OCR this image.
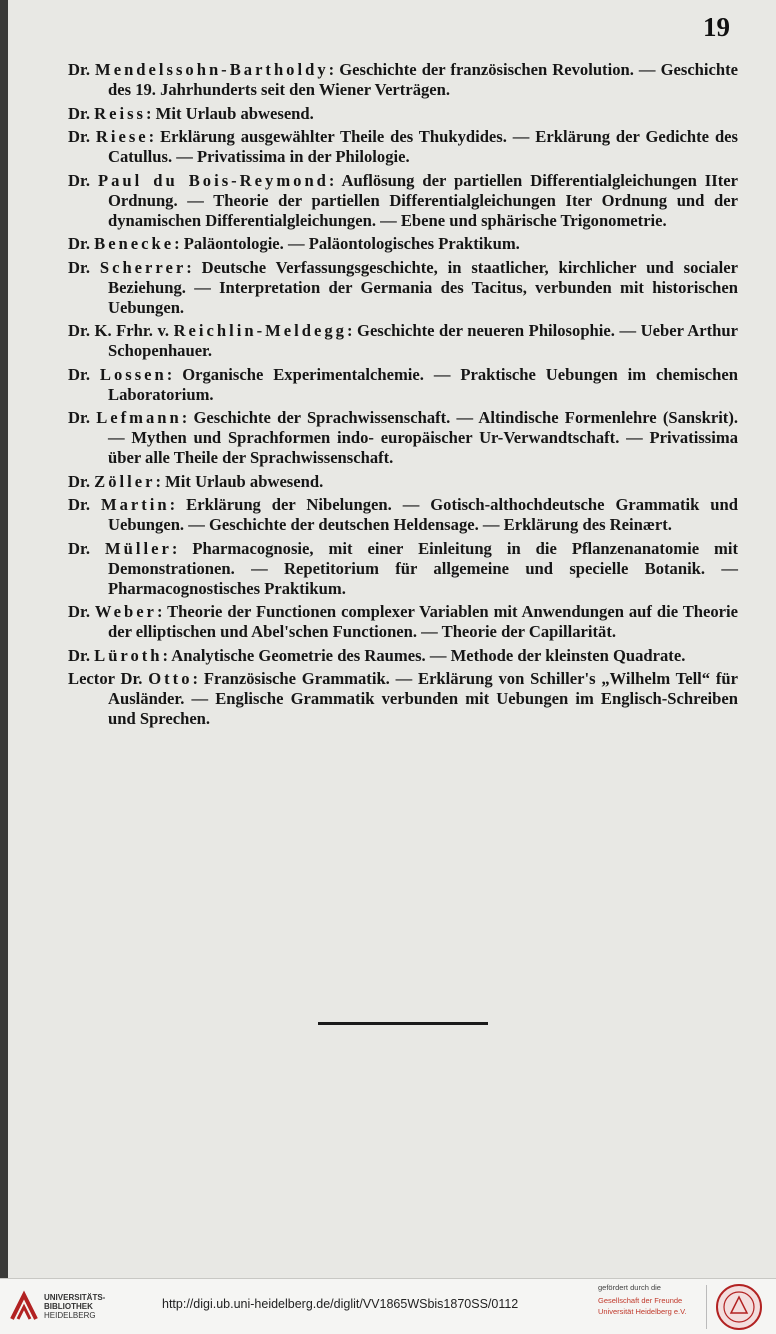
19
Dr. Mendelssohn-Bartholdy: Geschichte der französischen Revolution. — Geschichte des 19. Jahrhunderts seit den Wiener Verträgen.
Dr. Reiss: Mit Urlaub abwesend.
Dr. Riese: Erklärung ausgewählter Theile des Thukydides. — Erklärung der Gedichte des Catullus. — Privatissima in der Philologie.
Dr. Paul du Bois-Reymond: Auflösung der partiellen Differentialgleichungen IIter Ordnung. — Theorie der partiellen Differentialgleichungen Iter Ordnung und der dynamischen Differentialgleichungen. — Ebene und sphärische Trigonometrie.
Dr. Benecke: Paläontologie. — Paläontologisches Praktikum.
Dr. Scherrer: Deutsche Verfassungsgeschichte, in staatlicher, kirchlicher und socialer Beziehung. — Interpretation der Germania des Tacitus, verbunden mit historischen Uebungen.
Dr. K. Frhr. v. Reichlin-Meldegg: Geschichte der neueren Philosophie. — Ueber Arthur Schopenhauer.
Dr. Lossen: Organische Experimentalchemie. — Praktische Uebungen im chemischen Laboratorium.
Dr. Lefmann: Geschichte der Sprachwissenschaft. — Altindische Formenlehre (Sanskrit). — Mythen und Sprachformen indo- europäischer Ur-Verwandtschaft. — Privatissima über alle Theile der Sprachwissenschaft.
Dr. Zöller: Mit Urlaub abwesend.
Dr. Martin: Erklärung der Nibelungen. — Gotisch-althochdeutsche Grammatik und Uebungen. — Geschichte der deutschen Heldensage. — Erklärung des Reinært.
Dr. Müller: Pharmacognosie, mit einer Einleitung in die Pflanzenanatomie mit Demonstrationen. — Repetitorium für allgemeine und specielle Botanik. — Pharmacognostisches Praktikum.
Dr. Weber: Theorie der Functionen complexer Variablen mit Anwendungen auf die Theorie der elliptischen und Abel'schen Functionen. — Theorie der Capillarität.
Dr. Lüroth: Analytische Geometrie des Raumes. — Methode der kleinsten Quadrate.
Lector Dr. Otto: Französische Grammatik. — Erklärung von Schiller's „Wilhelm Tell“ für Ausländer. — Englische Grammatik verbunden mit Uebungen im Englisch-Schreiben und Sprechen.
UNIVERSITÄTS-
BIBLIOTHEK
HEIDELBERG
http://digi.ub.uni-heidelberg.de/diglit/VV1865WSbis1870SS/0112
gefördert durch die
Gesellschaft der Freunde
Universität Heidelberg e.V.
